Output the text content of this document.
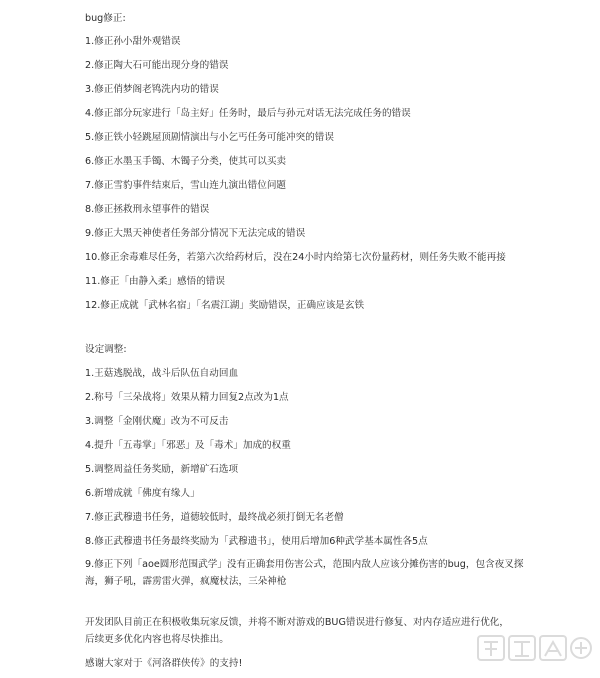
bug修正:
1.修正孙小甜外观错误
2.修正陶大石可能出现分身的错误
3.修正俏梦阁老鸨洗内功的错误
4.修正部分玩家进行「岛主好」任务时，最后与孙元对话无法完成任务的错误
5.修正铁小轻跳屋顶剧情演出与小乞丐任务可能冲突的错误
6.修正水墨玉手镯、木镯子分类，使其可以买卖
7.修正雪豹事件结束后，雪山连九演出错位问题
8.修正拯救刑永望事件的错误
9.修正大黑天神使者任务部分情况下无法完成的错误
10.修正余毒难尽任务，若第六次给药材后，没在24小时内给第七次份量药材，则任务失败不能再接
11.修正「由静入柔」感悟的错误
12.修正成就「武林名宿」「名震江湖」奖励错误，正确应该是玄铁
设定调整:
1.王菇逃脱战，战斗后队伍自动回血
2.称号「三朵战将」效果从精力回复2点改为1点
3.调整「金刚伏魔」改为不可反击
4.提升「五毒掌」「邪恶」及「毒术」加成的权重
5.调整周益任务奖励，新增矿石选项
6.新增成就「佛度有缘人」
7.修正武穆遗书任务，道德较低时，最终战必须打倒无名老僧
8.修正武穆遗书任务最终奖励为「武穆遗书」，使用后增加6种武学基本属性各5点
9.修正下列「aoe圆形范围武学」没有正确套用伤害公式，范围内敌人应该分摊伤害的bug，包含夜叉探海，狮子吼，霹雳雷火弹，疯魔杖法，三朵神枪
开发团队目前正在积极收集玩家反馈，并将不断对游戏的BUG错误进行修复、对内存适应进行优化，后续更多优化内容也将尽快推出。
感谢大家对于《河洛群侠传》的支持!
